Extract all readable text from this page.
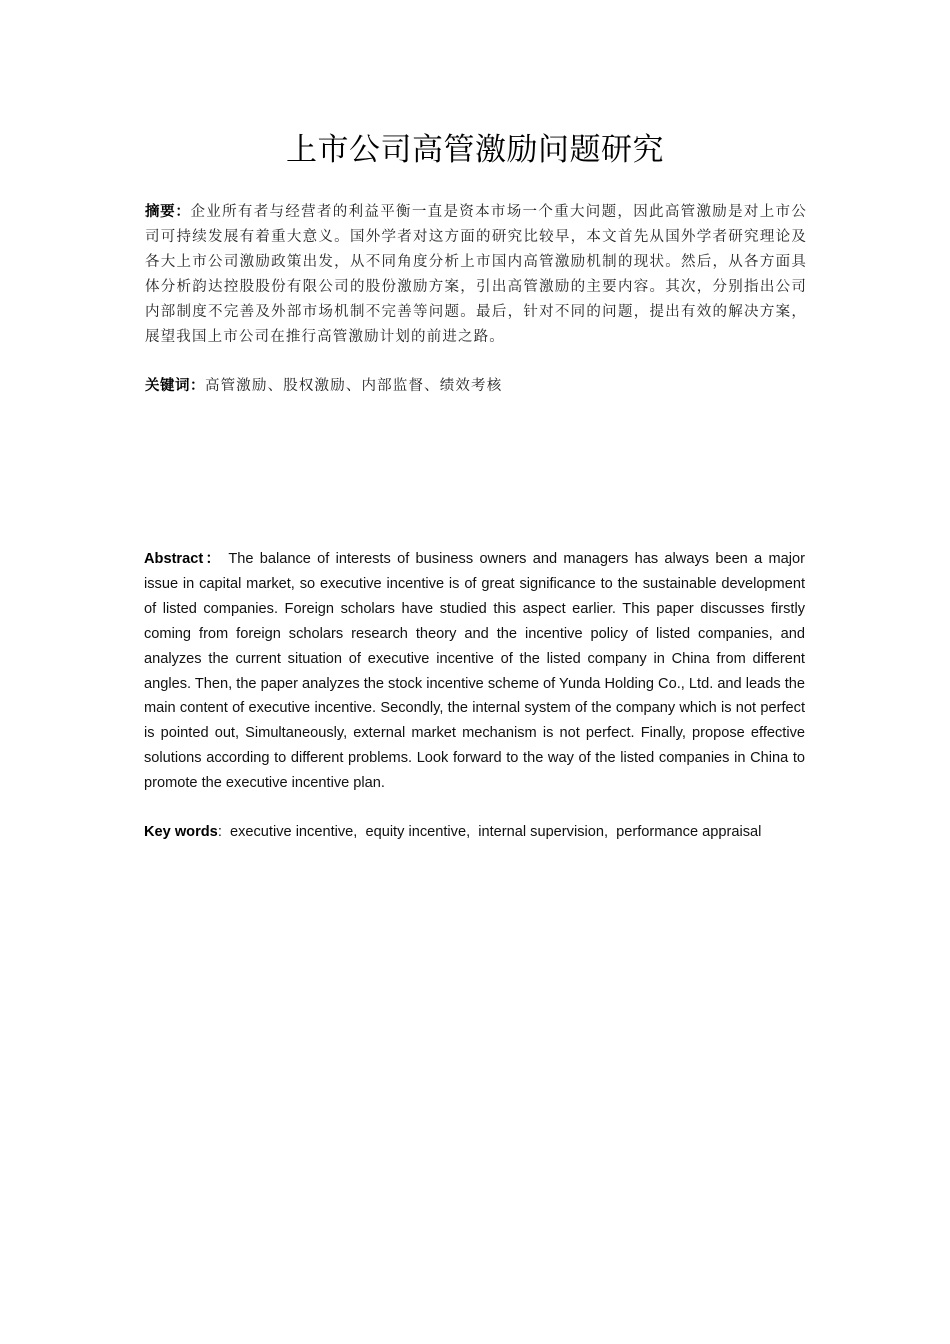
上市公司高管激励问题研究

摘要：企业所有者与经营者的利益平衡一直是资本市场一个重大问题，因此高管激励是对上市公司可持续发展有着重大意义。国外学者对这方面的研究比较早，本文首先从国外学者研究理论及各大上市公司激励政策出发，从不同角度分析上市国内高管激励机制的现状。然后，从各方面具体分析韵达控股股份有限公司的股份激励方案，引出高管激励的主要内容。其次，分别指出公司内部制度不完善及外部市场机制不完善等问题。最后，针对不同的问题，提出有效的解决方案，展望我国上市公司在推行高管激励计划的前进之路。

关键词：高管激励、股权激励、内部监督、绩效考核

Abstract： The balance of interests of business owners and managers has always been a major issue in capital market, so executive incentive is of great significance to the sustainable development of listed companies. Foreign scholars have studied this aspect earlier. This paper discusses firstly coming from foreign scholars research theory and the incentive policy of listed companies, and analyzes the current situation of executive incentive of the listed company in China from different angles. Then, the paper analyzes the stock incentive scheme of Yunda Holding Co., Ltd. and leads the main content of executive incentive. Secondly, the internal system of the company which is not perfect is pointed out, Simultaneously, external market mechanism is not perfect. Finally, propose effective solutions according to different problems. Look forward to the way of the listed companies in China to promote the executive incentive plan.

Key words: executive incentive, equity incentive, internal supervision, performance appraisal
